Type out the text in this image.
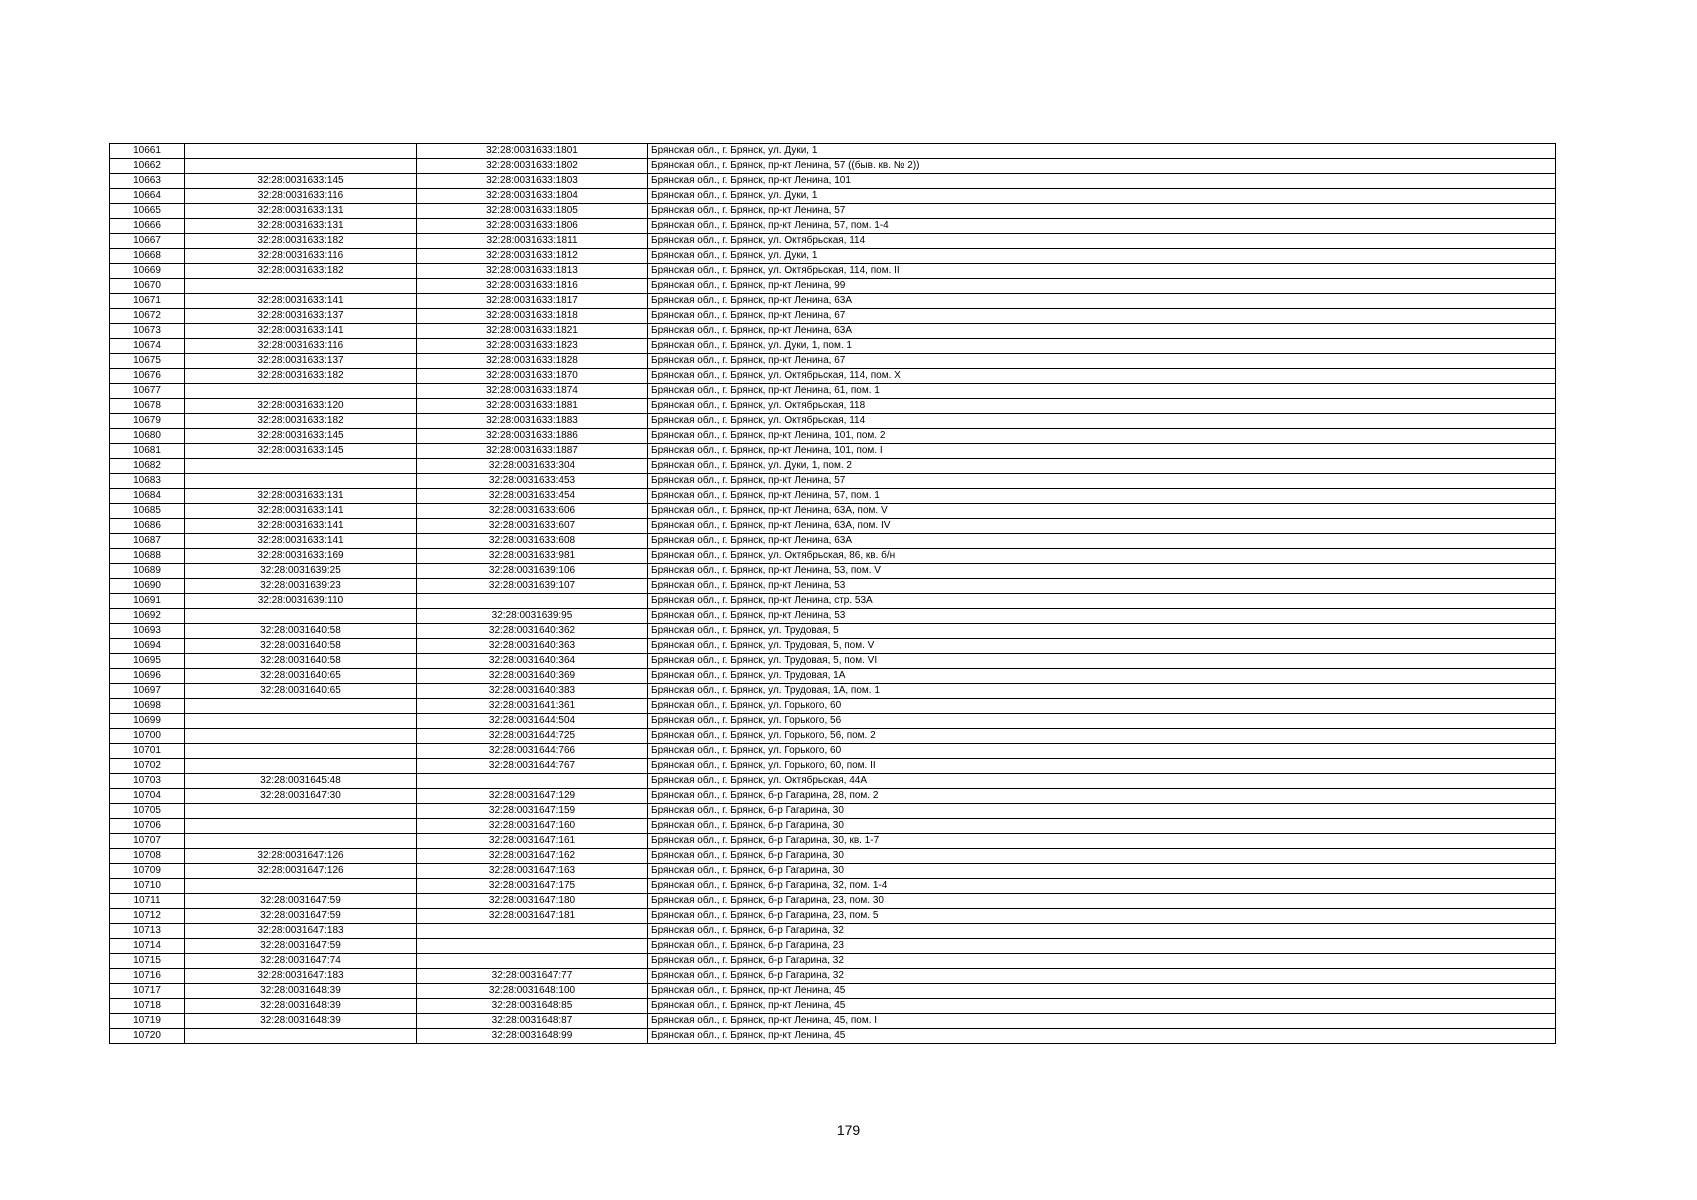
10661		32:28:0031633:1801	Брянская обл., г. Брянск, ул. Дуки, 1
10662		32:28:0031633:1802	Брянская обл., г. Брянск, пр-кт Ленина, 57 ((быв. кв. № 2))
10663	32:28:0031633:145	32:28:0031633:1803	Брянская обл., г. Брянск, пр-кт Ленина, 101
10664	32:28:0031633:116	32:28:0031633:1804	Брянская обл., г. Брянск, ул. Дуки, 1
10665	32:28:0031633:131	32:28:0031633:1805	Брянская обл., г. Брянск, пр-кт Ленина, 57
10666	32:28:0031633:131	32:28:0031633:1806	Брянская обл., г. Брянск, пр-кт Ленина, 57, пом. 1-4
10667	32:28:0031633:182	32:28:0031633:1811	Брянская обл., г. Брянск, ул. Октябрьская, 114
10668	32:28:0031633:116	32:28:0031633:1812	Брянская обл., г. Брянск, ул. Дуки, 1
10669	32:28:0031633:182	32:28:0031633:1813	Брянская обл., г. Брянск, ул. Октябрьская, 114, пом. II
10670		32:28:0031633:1816	Брянская обл., г. Брянск, пр-кт Ленина, 99
10671	32:28:0031633:141	32:28:0031633:1817	Брянская обл., г. Брянск, пр-кт Ленина, 63А
10672	32:28:0031633:137	32:28:0031633:1818	Брянская обл., г. Брянск, пр-кт Ленина, 67
10673	32:28:0031633:141	32:28:0031633:1821	Брянская обл., г. Брянск, пр-кт Ленина, 63А
10674	32:28:0031633:116	32:28:0031633:1823	Брянская обл., г. Брянск, ул. Дуки, 1, пом. 1
10675	32:28:0031633:137	32:28:0031633:1828	Брянская обл., г. Брянск, пр-кт Ленина, 67
10676	32:28:0031633:182	32:28:0031633:1870	Брянская обл., г. Брянск, ул. Октябрьская, 114, пом. X
10677		32:28:0031633:1874	Брянская обл., г. Брянск, пр-кт Ленина, 61, пом. 1
10678	32:28:0031633:120	32:28:0031633:1881	Брянская обл., г. Брянск, ул. Октябрьская, 118
10679	32:28:0031633:182	32:28:0031633:1883	Брянская обл., г. Брянск, ул. Октябрьская, 114
10680	32:28:0031633:145	32:28:0031633:1886	Брянская обл., г. Брянск, пр-кт Ленина, 101, пом. 2
10681	32:28:0031633:145	32:28:0031633:1887	Брянская обл., г. Брянск, пр-кт Ленина, 101, пом. I
10682		32:28:0031633:304	Брянская обл., г. Брянск, ул. Дуки, 1, пом. 2
10683		32:28:0031633:453	Брянская обл., г. Брянск, пр-кт Ленина, 57
10684	32:28:0031633:131	32:28:0031633:454	Брянская обл., г. Брянск, пр-кт Ленина, 57, пом. 1
10685	32:28:0031633:141	32:28:0031633:606	Брянская обл., г. Брянск, пр-кт Ленина, 63А, пом. V
10686	32:28:0031633:141	32:28:0031633:607	Брянская обл., г. Брянск, пр-кт Ленина, 63А, пом. IV
10687	32:28:0031633:141	32:28:0031633:608	Брянская обл., г. Брянск, пр-кт Ленина, 63А
10688	32:28:0031633:169	32:28:0031633:981	Брянская обл., г. Брянск, ул. Октябрьская, 86, кв. б/н
10689	32:28:0031639:25	32:28:0031639:106	Брянская обл., г. Брянск, пр-кт Ленина, 53, пом. V
10690	32:28:0031639:23	32:28:0031639:107	Брянская обл., г. Брянск, пр-кт Ленина, 53
10691	32:28:0031639:110		Брянская обл., г. Брянск, пр-кт Ленина, стр. 53А
10692		32:28:0031639:95	Брянская обл., г. Брянск, пр-кт Ленина, 53
10693	32:28:0031640:58	32:28:0031640:362	Брянская обл., г. Брянск, ул. Трудовая, 5
10694	32:28:0031640:58	32:28:0031640:363	Брянская обл., г. Брянск, ул. Трудовая, 5, пом. V
10695	32:28:0031640:58	32:28:0031640:364	Брянская обл., г. Брянск, ул. Трудовая, 5, пом. VI
10696	32:28:0031640:65	32:28:0031640:369	Брянская обл., г. Брянск, ул. Трудовая, 1А
10697	32:28:0031640:65	32:28:0031640:383	Брянская обл., г. Брянск, ул. Трудовая, 1А, пом. 1
10698		32:28:0031641:361	Брянская обл., г. Брянск, ул. Горького, 60
10699		32:28:0031644:504	Брянская обл., г. Брянск, ул. Горького, 56
10700		32:28:0031644:725	Брянская обл., г. Брянск, ул. Горького, 56, пом. 2
10701		32:28:0031644:766	Брянская обл., г. Брянск, ул. Горького, 60
10702		32:28:0031644:767	Брянская обл., г. Брянск, ул. Горького, 60, пом. II
10703	32:28:0031645:48		Брянская обл., г. Брянск, ул. Октябрьская, 44А
10704	32:28:0031647:30	32:28:0031647:129	Брянская обл., г. Брянск, б-р Гагарина, 28, пом. 2
10705		32:28:0031647:159	Брянская обл., г. Брянск, б-р Гагарина, 30
10706		32:28:0031647:160	Брянская обл., г. Брянск, б-р Гагарина, 30
10707		32:28:0031647:161	Брянская обл., г. Брянск, б-р Гагарина, 30, кв. 1-7
10708	32:28:0031647:126	32:28:0031647:162	Брянская обл., г. Брянск, б-р Гагарина, 30
10709	32:28:0031647:126	32:28:0031647:163	Брянская обл., г. Брянск, б-р Гагарина, 30
10710		32:28:0031647:175	Брянская обл., г. Брянск, б-р Гагарина, 32, пом. 1-4
10711	32:28:0031647:59	32:28:0031647:180	Брянская обл., г. Брянск, б-р Гагарина, 23, пом. 30
10712	32:28:0031647:59	32:28:0031647:181	Брянская обл., г. Брянск, б-р Гагарина, 23, пом. 5
10713	32:28:0031647:183		Брянская обл., г. Брянск, б-р Гагарина, 32
10714	32:28:0031647:59		Брянская обл., г. Брянск, б-р Гагарина, 23
10715	32:28:0031647:74		Брянская обл., г. Брянск, б-р Гагарина, 32
10716	32:28:0031647:183	32:28:0031647:77	Брянская обл., г. Брянск, б-р Гагарина, 32
10717	32:28:0031648:39	32:28:0031648:100	Брянская обл., г. Брянск, пр-кт Ленина, 45
10718	32:28:0031648:39	32:28:0031648:85	Брянская обл., г. Брянск, пр-кт Ленина, 45
10719	32:28:0031648:39	32:28:0031648:87	Брянская обл., г. Брянск, пр-кт Ленина, 45, пом. I
10720		32:28:0031648:99	Брянская обл., г. Брянск, пр-кт Ленина, 45
179
